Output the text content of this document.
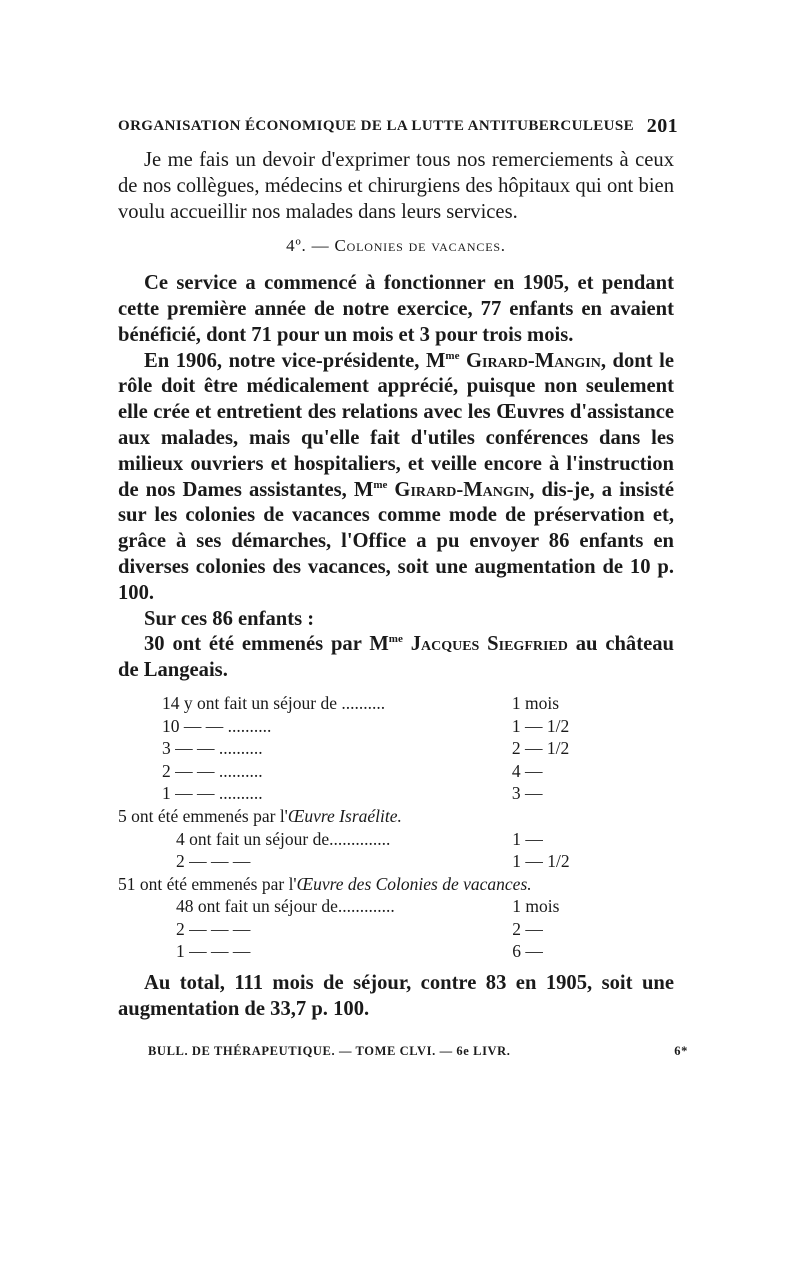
ORGANISATION ÉCONOMIQUE DE LA LUTTE ANTITUBERCULEUSE 201

Je me fais un devoir d'exprimer tous nos remerciements à ceux de nos collègues, médecins et chirurgiens des hôpitaux qui ont bien voulu accueillir nos malades dans leurs services.

4º. — Colonies de vacances.

Ce service a commencé à fonctionner en 1905, et pendant cette première année de notre exercice, 77 enfants en avaient bénéficié, dont 71 pour un mois et 3 pour trois mois.

En 1906, notre vice-présidente, $M^{me}$ Girard-Mangin, dont le rôle doit être médicalement apprécié, puisque non seulement elle crée et entretient des relations avec les Œuvres d'assistance aux malades, mais qu'elle fait d'utiles conférences dans les milieux ouvriers et hospitaliers, et veille encore à l'instruction de nos Dames assistantes, $M^{me}$ Girard-Mangin, dis-je, a insisté sur les colonies de vacances comme mode de préservation et, grâce à ses démarches, l'Office a pu envoyer 86 enfants en diverses colonies des vacances, soit une augmentation de 10 p. 100.

Sur ces 86 enfants :

30 ont été emmenés par $M^{me}$ Jacques Siegfried au château de Langeais.

14 y ont fait un séjour de ..........	1 mois
10 — — ..........	1 — 1/2
3 — — ..........	2 — 1/2
2 — — ..........	4 —
1 — — ..........	3 —
5 ont été emmenés par l' Œuvre Israélite.
4 ont fait un séjour de..............	1 —
2 — — —	1 — 1/2
51 ont été emmenés par l' Œuvre des Colonies de vacances.
48 ont fait un séjour de.............	1 mois
2 — — —	2 —
1 — — —	6 —

Au total, 111 mois de séjour, contre 83 en 1905, soit une augmentation de 33,7 p. 100.

BULL. DE THÉRAPEUTIQUE. — TOME CLVI. — 6e LIVR.	6*
